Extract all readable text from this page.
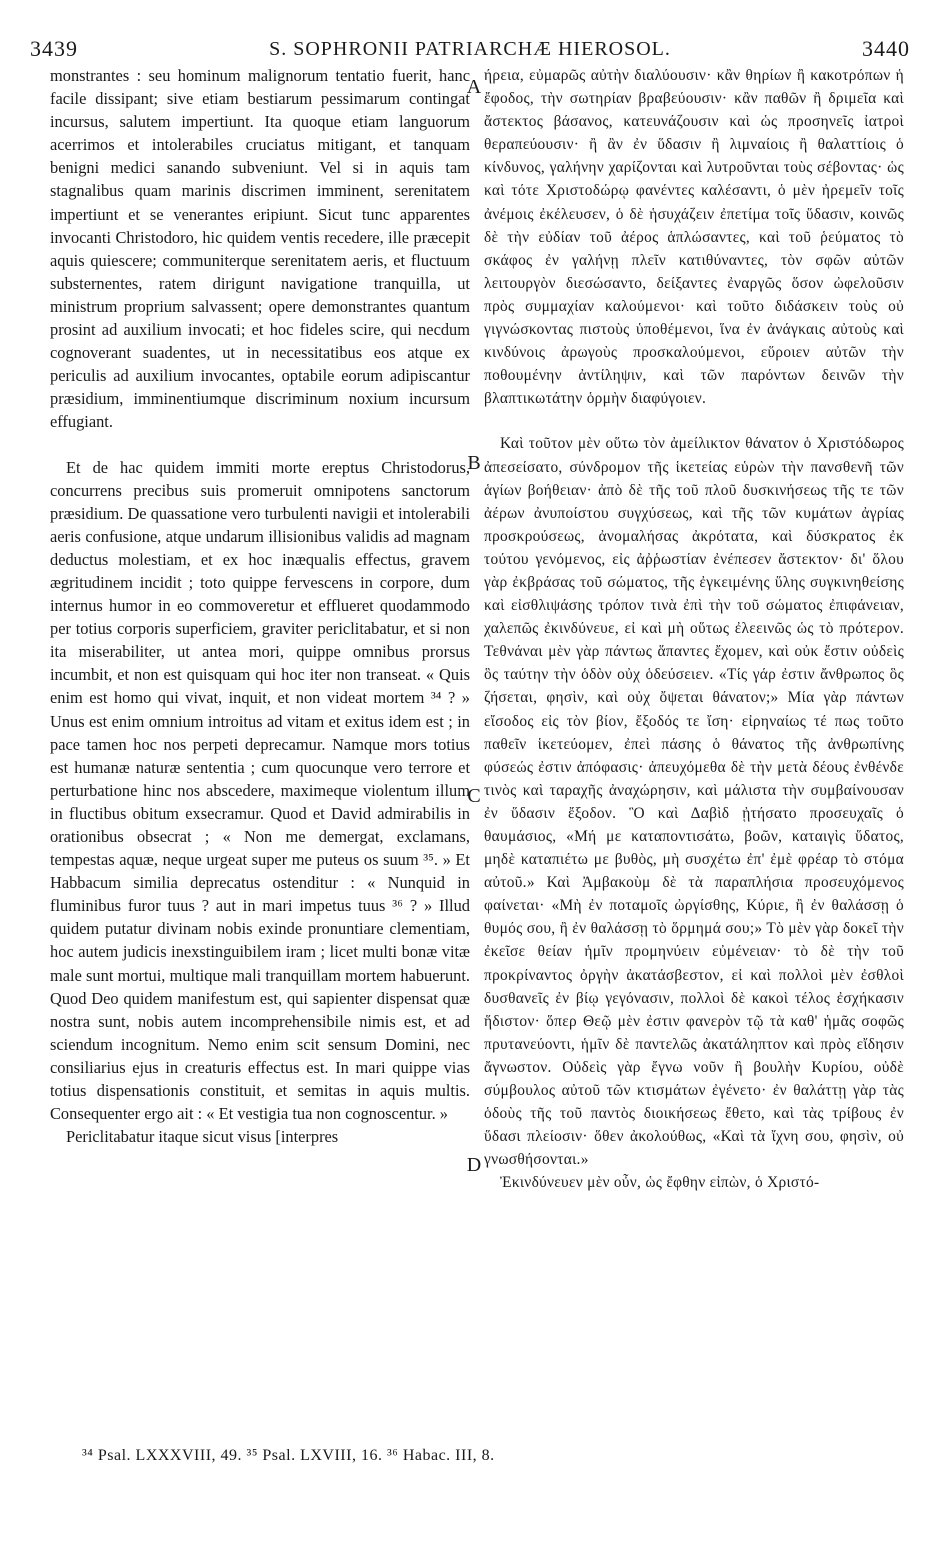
3439	S. SOPHRONII PATRIARCHÆ HIEROSOL.	3440

monstrantes : seu hominum malignorum tentatio fuerit, hanc facile dissipant; sive etiam bestiarum pessimarum contingat incursus, salutem impertiunt. Ita quoque etiam languorum acerrimos et intolerabiles cruciatus mitigant, et tanquam benigni medici sanando subveniunt. Vel si in aquis tam stagnalibus quam marinis discrimen imminent, serenitatem impertiunt et se venerantes eripiunt. Sicut tunc apparentes invocanti Christodoro, hic quidem ventis recedere, ille præcepit aquis quiescere; communiterque serenitatem aeris, et fluctuum substernentes, ratem dirigunt navigatione tranquilla, ut ministrum proprium salvassent; opere demonstrantes quantum prosint ad auxilium invocati; et hoc fideles scire, qui necdum cognoverant suadentes, ut in necessitatibus eos atque ex periculis ad auxilium invocantes, optabile eorum adipiscantur præsidium, imminentiumque discriminum noxium incursum effugiant.

Et de hac quidem immiti morte ereptus Christodorus, concurrens precibus suis promeruit omnipotens sanctorum præsidium. De quassatione vero turbulenti navigii et intolerabili aeris confusione, atque undarum illisionibus validis ad magnam deductus molestiam, et ex hoc inæqualis effectus, gravem ægritudinem incidit ; toto quippe fervescens in corpore, dum internus humor in eo commoveretur et efflueret quodammodo per totius corporis superficiem, graviter periclitabatur, et si non ita miserabiliter, ut antea mori, quippe omnibus prorsus incumbit, et non est quisquam qui hoc iter non transeat. « Quis enim est homo qui vivat, inquit, et non videat mortem ³⁴ ? » Unus est enim omnium introitus ad vitam et exitus idem est ; in pace tamen hoc nos perpeti deprecamur. Namque mors totius est humanæ naturæ sententia ; cum quocunque vero terrore et perturbatione hinc nos abscedere, maximeque violentum illum in fluctibus obitum exsecramur. Quod et David admirabilis in orationibus obsecrat ; « Non me demergat, exclamans, tempestas aquæ, neque urgeat super me puteus os suum ³⁵. » Et Habbacum similia deprecatus ostenditur : « Nunquid in fluminibus furor tuus ? aut in mari impetus tuus ³⁶ ? » Illud quidem putatur divinam nobis exinde pronuntiare clementiam, hoc autem judicis inexstinguibilem iram ; licet multi bonæ vitæ male sunt mortui, multique mali tranquillam mortem habuerunt. Quod Deo quidem manifestum est, qui sapienter dispensat quæ nostra sunt, nobis autem incomprehensibile nimis est, et ad sciendum incognitum. Nemo enim scit sensum Domini, nec consiliarius ejus in creaturis effectus est. In mari quippe vias totius dispensationis constituit, et semitas in aquis multis. Consequenter ergo ait : « Et vestigia tua non cognoscentur. »

Periclitabatur itaque sicut visus [interpres

A
B
C
D

ήρεια, εὐμαρῶς αὐτὴν διαλύουσιν· κἂν θηρίων ἢ κακοτρόπων ἡ ἔφοδος, τὴν σωτηρίαν βραβεύουσιν· κἂν παθῶν ἢ δριμεῖα καὶ ἄστεκτος βάσανος, κατευνάζουσιν καὶ ὡς προσηνεῖς ἰατροὶ θεραπεύουσιν· ἢ ἂν ἐν ὕδασιν ἢ λιμναίοις ἢ θαλαττίοις ὁ κίνδυνος, γαλήνην χαρίζονται καὶ λυτροῦνται τοὺς σέβοντας· ὡς καὶ τότε Χριστοδώρῳ φανέντες καλέσαντι, ὁ μὲν ἠρεμεῖν τοῖς ἀνέμοις ἐκέλευσεν, ὁ δὲ ἡσυχάζειν ἐπετίμα τοῖς ὕδασιν, κοινῶς δὲ τὴν εὐδίαν τοῦ ἀέρος ἁπλώσαντες, καὶ τοῦ ῥεύματος τὸ σκάφος ἐν γαλήνῃ πλεῖν κατιθύναντες, τὸν σφῶν αὐτῶν λειτουργὸν διεσώσαντο, δείξαντες ἐναργῶς ὅσον ὠφελοῦσιν πρὸς συμμαχίαν καλούμενοι· καὶ τοῦτο διδάσκειν τοὺς οὐ γιγνώσκοντας πιστοὺς ὑποθέμενοι, ἵνα ἐν ἀνάγκαις αὐτοὺς καὶ κινδύνοις ἀρωγοὺς προσκαλούμενοι, εὕροιεν αὐτῶν τὴν ποθουμένην ἀντίληψιν, καὶ τῶν παρόντων δεινῶν τὴν βλαπτικωτάτην ὁρμὴν διαφύγοιεν.

Καὶ τοῦτον μὲν οὕτω τὸν ἀμείλικτον θάνατον ὁ Χριστόδωρος ἀπεσείσατο, σύνδρομον τῆς ἱκετείας εὑρὼν τὴν πανσθενῆ τῶν ἁγίων βοήθειαν· ἀπὸ δὲ τῆς τοῦ πλοῦ δυσκινήσεως τῆς τε τῶν ἀέρων ἀνυποίστου συγχύσεως, καὶ τῆς τῶν κυμάτων ἀγρίας προσκρούσεως, ἀνομαλήσας ἀκρότατα, καὶ δύσκρατος ἐκ τούτου γενόμενος, εἰς ἀῤῥωστίαν ἐνέπεσεν ἄστεκτον· δι' ὅλου γὰρ ἐκβράσας τοῦ σώματος, τῆς ἐγκειμένης ὕλης συγκινηθείσης καὶ εἰσθλιψάσης τρόπον τινὰ ἐπὶ τὴν τοῦ σώματος ἐπιφάνειαν, χαλεπῶς ἐκινδύνευε, εἰ καὶ μὴ οὕτως ἐλεεινῶς ὡς τὸ πρότερον. Τεθνάναι μὲν γὰρ πάντως ἅπαντες ἔχομεν, καὶ οὐκ ἔστιν οὐδεὶς ὃς ταύτην τὴν ὁδὸν οὐχ ὁδεύσειεν. «Τίς γάρ ἐστιν ἄνθρωπος ὃς ζήσεται, φησὶν, καὶ οὐχ ὄψεται θάνατον;» Μία γὰρ πάντων εἴσοδος εἰς τὸν βίον, ἔξοδός τε ἴση· εἰρηναίως τέ πως τοῦτο παθεῖν ἱκετεύομεν, ἐπεὶ πάσης ὁ θάνατος τῆς ἀνθρωπίνης φύσεώς ἐστιν ἀπόφασις· ἀπευχόμεθα δὲ τὴν μετὰ δέους ἐνθένδε τινὸς καὶ ταραχῆς ἀναχώρησιν, καὶ μάλιστα τὴν συμβαίνουσαν ἐν ὕδασιν ἔξοδον. Ὃ καὶ Δαβὶδ ᾐτήσατο προσευχαῖς ὁ θαυμάσιος, «Μή με καταποντισάτω, βοῶν, καταιγὶς ὕδατος, μηδὲ καταπιέτω με βυθὸς, μὴ συσχέτω ἐπ' ἐμὲ φρέαρ τὸ στόμα αὐτοῦ.» Καὶ Ἀμβακοὺμ δὲ τὰ παραπλήσια προσευχόμενος φαίνεται· «Μὴ ἐν ποταμοῖς ὠργίσθης, Κύριε, ἢ ἐν θαλάσσῃ ὁ θυμός σου, ἢ ἐν θαλάσσῃ τὸ ὅρμημά σου;» Τὸ μὲν γὰρ δοκεῖ τὴν ἐκεῖσε θείαν ἡμῖν προμηνύειν εὐμένειαν· τὸ δὲ τὴν τοῦ προκρίναντος ὀργὴν ἀκατάσβεστον, εἰ καὶ πολλοὶ μὲν ἐσθλοὶ δυσθανεῖς ἐν βίῳ γεγόνασιν, πολλοὶ δὲ κακοὶ τέλος ἐσχήκασιν ἥδιστον· ὅπερ Θεῷ μὲν ἐστιν φανερὸν τῷ τὰ καθ' ἡμᾶς σοφῶς πρυτανεύοντι, ἡμῖν δὲ παντελῶς ἀκατάληπτον καὶ πρὸς εἴδησιν ἄγνωστον. Οὐδεὶς γὰρ ἔγνω νοῦν ἢ βουλὴν Κυρίου, οὐδὲ σύμβουλος αὐτοῦ τῶν κτισμάτων ἐγένετο· ἐν θαλάττῃ γὰρ τὰς ὁδοὺς τῆς τοῦ παντὸς διοικήσεως ἔθετο, καὶ τὰς τρίβους ἐν ὕδασι πλείοσιν· ὅθεν ἀκολούθως, «Καὶ τὰ ἴχνη σου, φησὶν, οὐ γνωσθήσονται.»

Ἐκινδύνευεν μὲν οὖν, ὡς ἔφθην εἰπὼν, ὁ Χριστό-

³⁴ Psal. LXXXVIII, 49. ³⁵ Psal. LXVIII, 16. ³⁶ Habac. III, 8.
